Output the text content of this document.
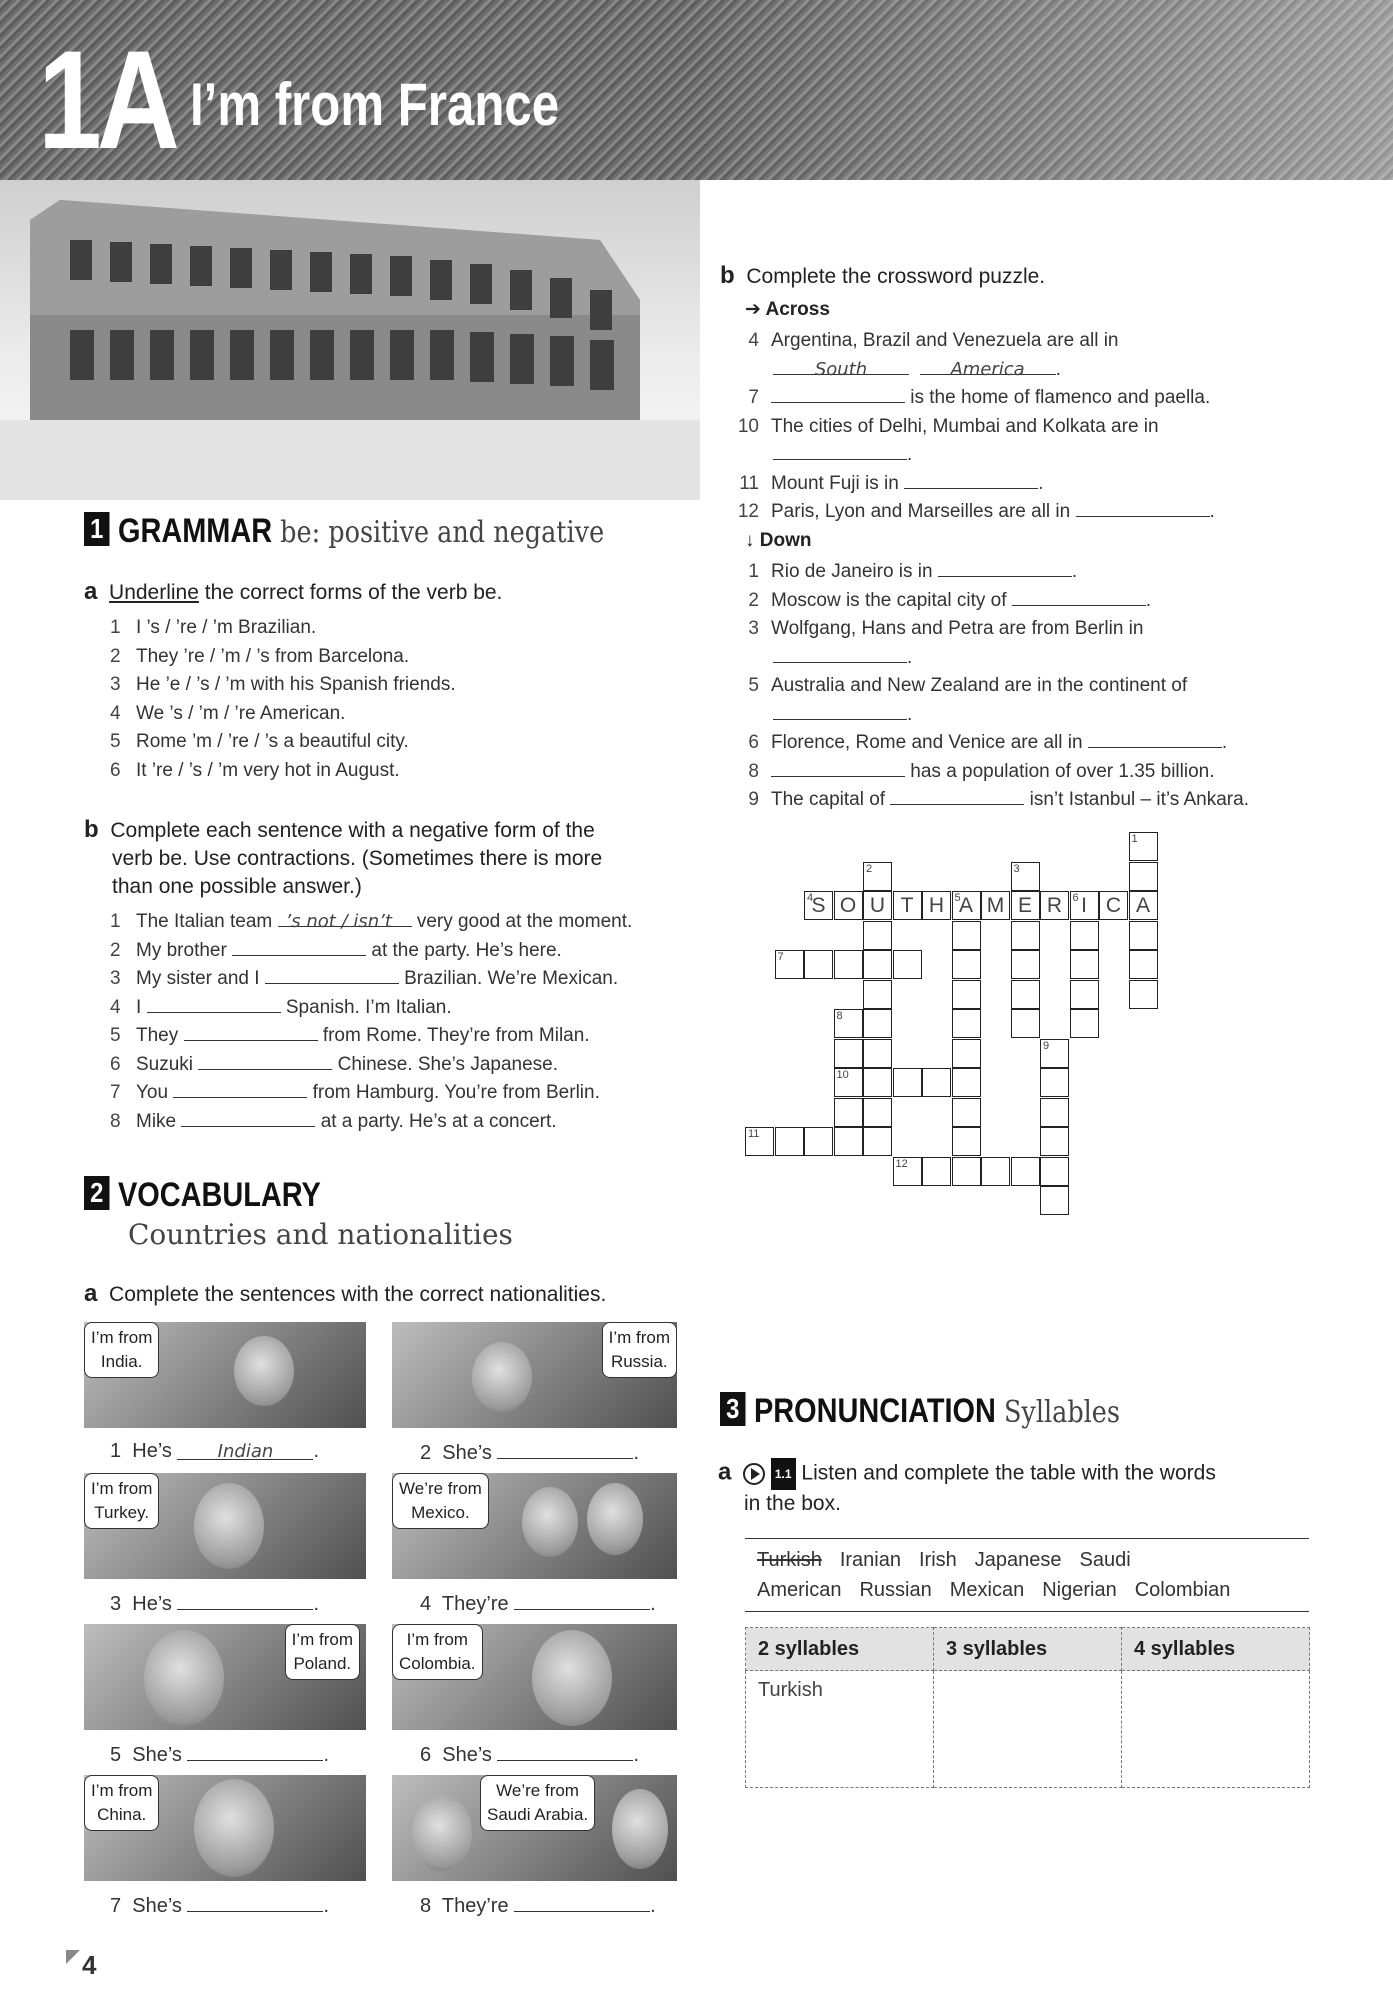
1A I’m from France
1 GRAMMAR be: positive and negative
a Underline the correct forms of the verb be.
1 I ’s / ’re / ’m Brazilian.
2 They ’re / ’m / ’s from Barcelona.
3 He ’e / ’s / ’m with his Spanish friends.
4 We ’s / ’m / ’re American.
5 Rome ’m / ’re / ’s a beautiful city.
6 It ’re / ’s / ’m very hot in August.
b Complete each sentence with a negative form of the
verb be. Use contractions. (Sometimes there is more
than one possible answer.)
1 The Italian team ’s not / isn’t very good at the moment.
2 My brother	at the party. He’s here.
3 My sister and I	Brazilian. We’re Mexican.
4 I	Spanish. I’m Italian.
5 They	from Rome. They’re from Milan.
6 Suzuki	Chinese. She’s Japanese.
7 You	from Hamburg. You’re from Berlin.
8 Mike	at a party. He’s at a concert.
2 VOCABULARY
Countries and nationalities
a Complete the sentences with the correct nationalities.
I’m from
India.
I’m from
Russia.
1 He’s	Indian .	2 She’s	.
I’m from
Turkey.
We’re from
Mexico.
3 He’s	.	4 They’re	.
I’m from
Poland.
I’m from
Colombia.
5 She’s	.	6 She’s	.
I’m from
China.
We’re from
Saudi Arabia.
7 She’s	.	8 They’re	.
b Complete the crossword puzzle.
➔ Across
4 Argentina, Brazil and Venezuela are all in
South	America .
7	is the home of flamenco and paella.
10 The cities of Delhi, Mumbai and Kolkata are in
.
11 Mount Fuji is in	.
12 Paris, Lyon and Marseilles are all in	.
↓ Down
1 Rio de Janeiro is in	.
2 Moscow is the capital city of	.
3 Wolfgang, Hans and Petra are from Berlin in
.
5 Australia and New Zealand are in the continent of
.
6 Florence, Rome and Venice are all in	.
8	has a population of over 1.35 billion.
9 The capital of	isn’t Istanbul – it’s Ankara.
4
S O U T H 5
A M E R 6 I C A
1
2	3
7
8
10
9
11
12
3 PRONUNCIATION Syllables
a	1.1 Listen and complete the table with the words
in the box.
Turkish Iranian Irish Japanese Saudi
American Russian Mexican Nigerian Colombian
2 syllables	3 syllables	4 syllables
Turkish		
4
